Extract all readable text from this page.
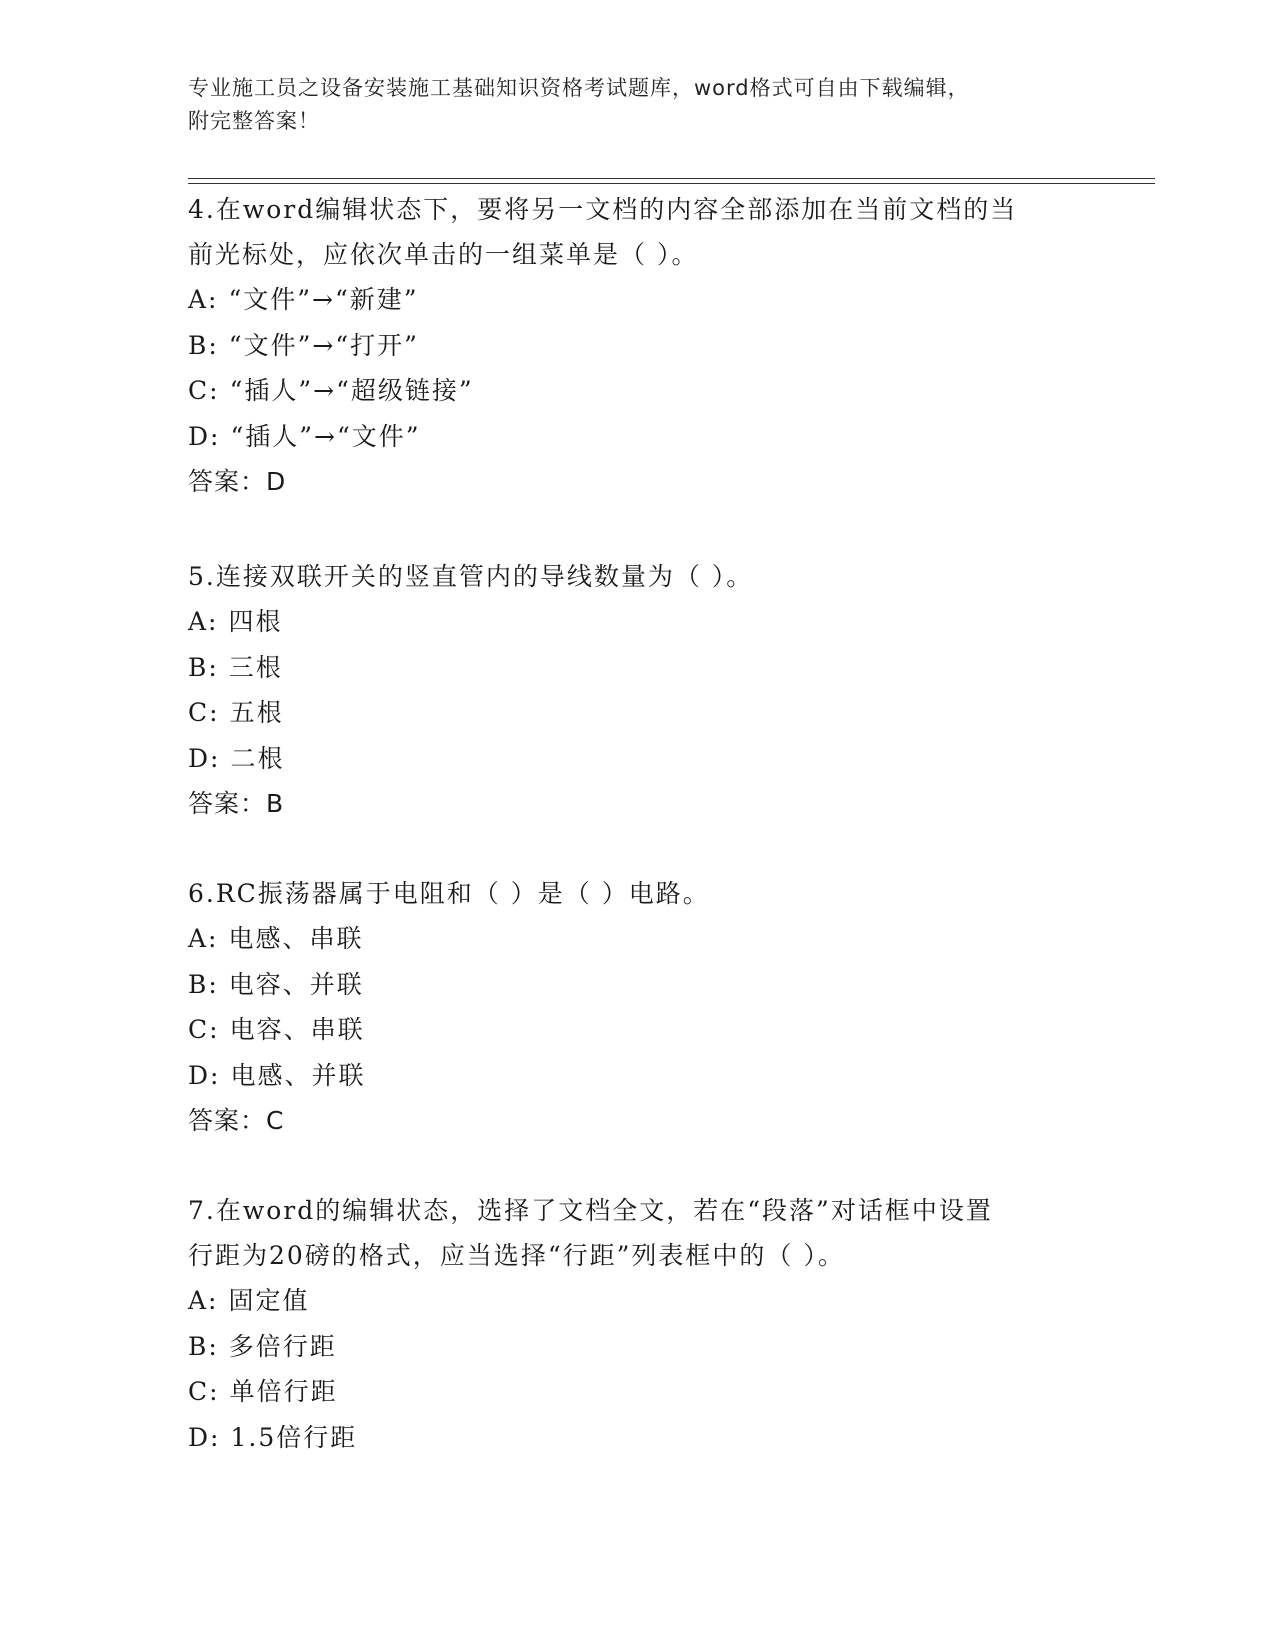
专业施工员之设备安装施工基础知识资格考试题库，word格式可自由下载编辑，
附完整答案！

4.在word编辑状态下，要将另一文档的内容全部添加在当前文档的当

前光标处，应依次单击的一组菜单是（ ）。

A: “文件”→“新建”

B: “文件”→“打开”

C: “插人”→“超级链接”

D: “插人”→“文件”

答案：D

5.连接双联开关的竖直管内的导线数量为（ ）。

A: 四根

B: 三根

C: 五根

D: 二根

答案：B

6.RC振荡器属于电阻和（ ）是（ ）电路。

A: 电感、串联

B: 电容、并联

C: 电容、串联

D: 电感、并联

答案：C

7.在word的编辑状态，选择了文档全文，若在“段落”对话框中设置

行距为20磅的格式，应当选择“行距”列表框中的（ ）。

A: 固定值

B: 多倍行距

C: 单倍行距

D: 1.5倍行距
